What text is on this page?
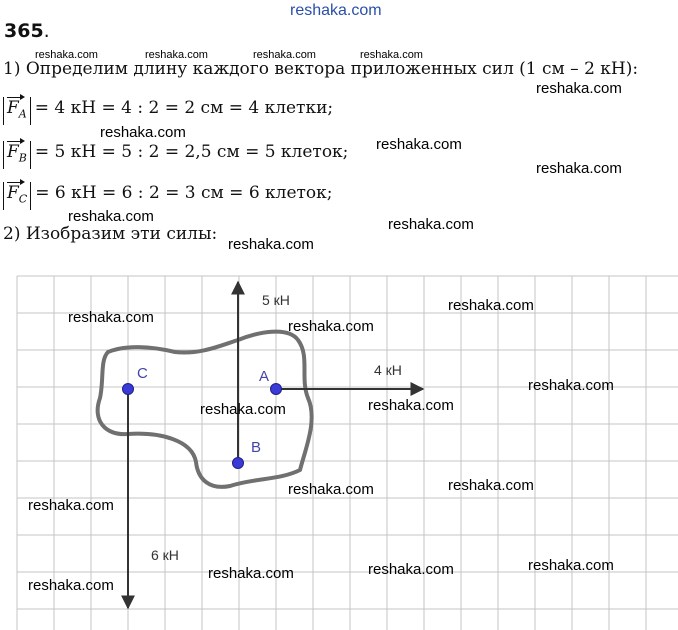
reshaka.com
365.
reshaka.com	reshaka.com	reshaka.com	reshaka.com
1) Определим длину каждого вектора приложенных сил (1 см – 2 кН):
reshaka.com
$F_A = 4$ кН = 4 : 2 = 2 см = 4 клетки;
reshaka.com
$F_B = 5$ кН = 5 : 2 = 2,5 см = 5 клеток; reshaka.com
reshaka.com
$F_C = 6$ кН = 6 : 2 = 3 см = 6 клеток;
reshaka.com	reshaka.com
2) Изобразим эти силы:
reshaka.com
A
B
C
5 кН
4 кН
6 кН
reshaka.com
reshaka.com
reshaka.com
reshaka.com
reshaka.com	reshaka.com
reshaka.com	reshaka.com
reshaka.com
reshaka.com
reshaka.com	reshaka.com	reshaka.com
